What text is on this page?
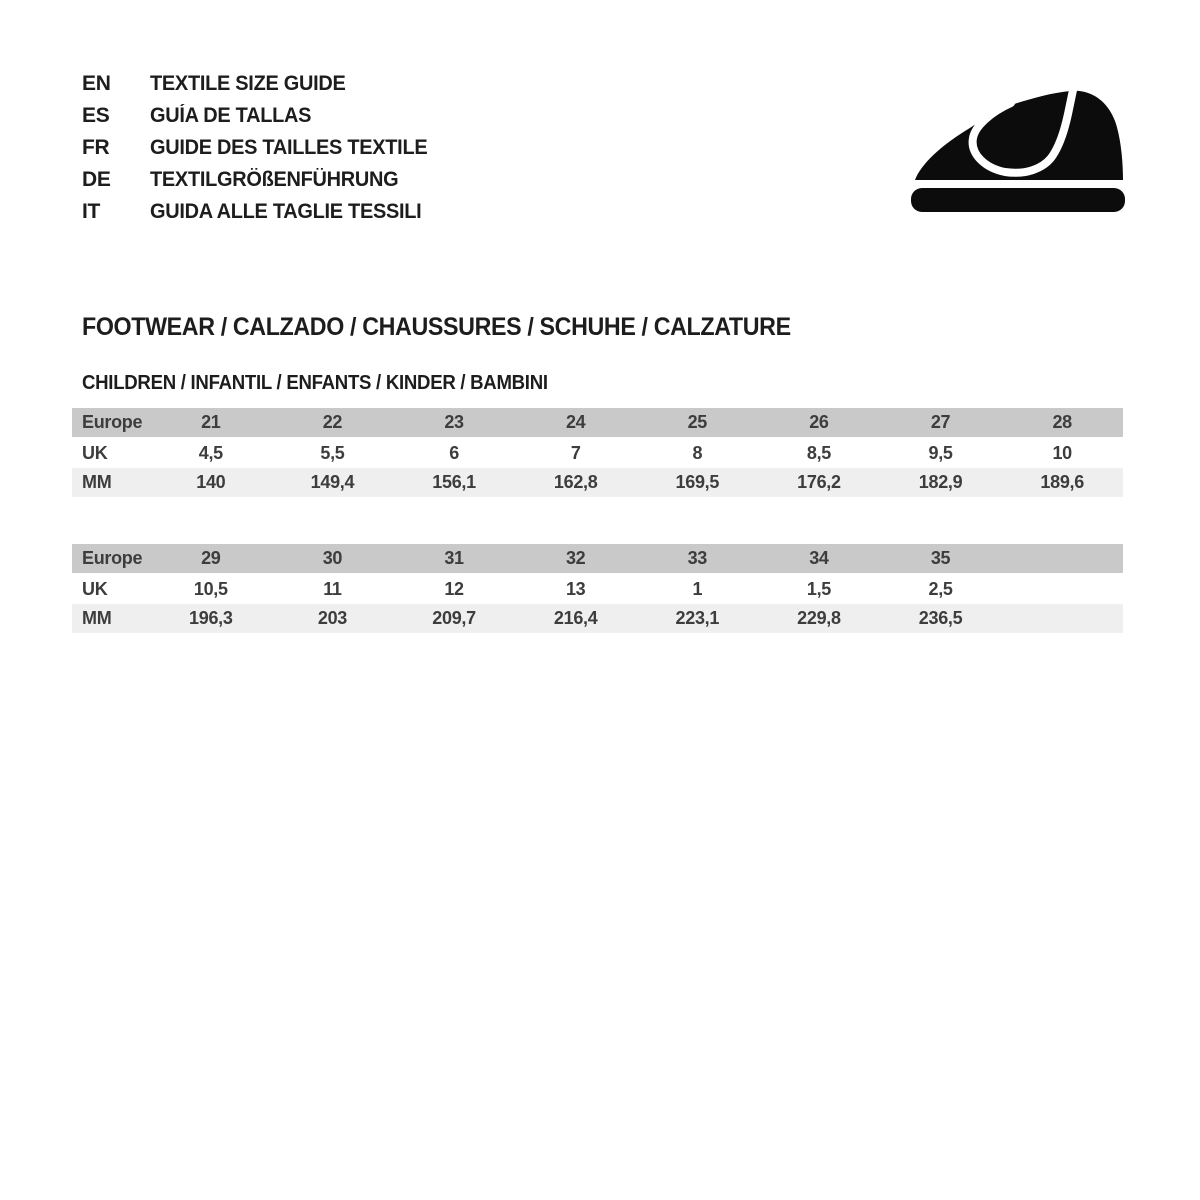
EN	TEXTILE SIZE GUIDE
ES	GUÍA DE TALLAS
FR	GUIDE DES TAILLES TEXTILE
DE	TEXTILGRÖßENFÜHRUNG
IT	GUIDA ALLE TAGLIE TESSILI
FOOTWEAR / CALZADO / CHAUSSURES / SCHUHE / CALZATURE
CHILDREN / INFANTIL / ENFANTS / KINDER / BAMBINI
Europe	21	22	23	24	25	26	27	28
UK	4,5	5,5	6	7	8	8,5	9,5	10
MM	140	149,4	156,1	162,8	169,5	176,2	182,9	189,6
Europe	29	30	31	32	33	34	35
UK	10,5	11	12	13	1	1,5	2,5
MM	196,3	203	209,7	216,4	223,1	229,8	236,5
